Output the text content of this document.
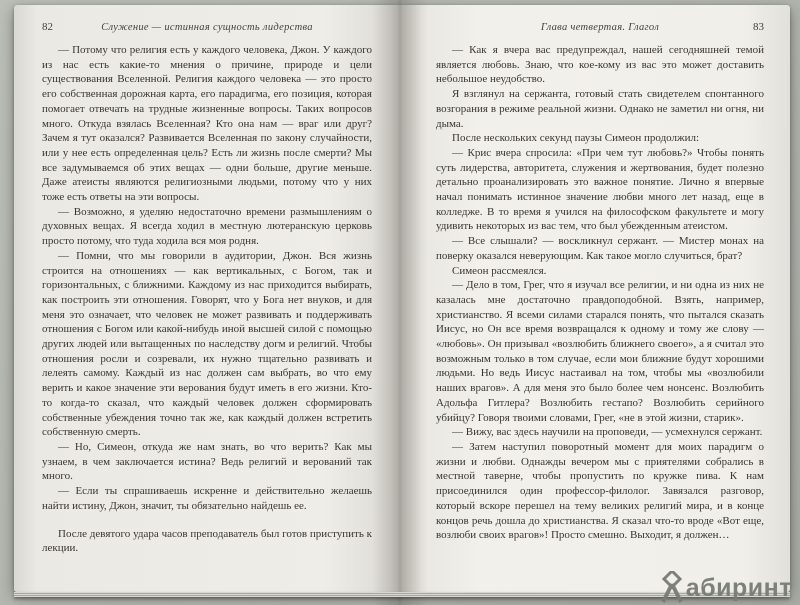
82	Служение — истинная сущность лидерства

— Потому что религия есть у каждого человека, Джон. У каждого из нас есть какие-то мнения о причине, природе и цели существования Вселенной. Религия каждого человека — это просто его собственная дорожная карта, его парадигма, его позиция, которая помогает отвечать на трудные жизненные вопросы. Таких вопросов много. Откуда взялась Вселенная? Кто она нам — враг или друг? Зачем я тут оказался? Развивается Вселенная по закону случайности, или у нее есть определенная цель? Есть ли жизнь после смерти? Мы все задумываемся об этих вещах — одни больше, другие меньше. Даже атеисты являются религиозными людьми, потому что у них тоже есть ответы на эти вопросы.

— Возможно, я уделяю недостаточно времени размышлениям о духовных вещах. Я всегда ходил в местную лютеранскую церковь просто потому, что туда ходила вся моя родня.

— Помни, что мы говорили в аудитории, Джон. Вся жизнь строится на отношениях — как вертикальных, с Богом, так и горизонтальных, с ближними. Каждому из нас приходится выбирать, как построить эти отношения. Говорят, что у Бога нет внуков, и для меня это означает, что человек не может развивать и поддерживать отношения с Богом или какой-нибудь иной высшей силой с помощью других людей или вытащенных по наследству догм и религий. Чтобы отношения росли и созревали, их нужно тщательно развивать и лелеять самому. Каждый из нас должен сам выбрать, во что ему верить и какое значение эти верования будут иметь в его жизни. Кто-то когда-то сказал, что каждый человек должен сформировать собственные убеждения точно так же, как каждый должен встретить собственную смерть.

— Но, Симеон, откуда же нам знать, во что верить? Как мы узнаем, в чем заключается истина? Ведь религий и верований так много.

— Если ты спрашиваешь искренне и действительно желаешь найти истину, Джон, значит, ты обязательно найдешь ее.

После девятого удара часов преподаватель был готов приступить к лекции.

Глава четвертая. Глагол	83

— Как я вчера вас предупреждал, нашей сегодняшней темой является любовь. Знаю, что кое-кому из вас это может доставить небольшое неудобство.

Я взглянул на сержанта, готовый стать свидетелем спонтанного возгорания в режиме реальной жизни. Однако не заметил ни огня, ни дыма.

После нескольких секунд паузы Симеон продолжил:

— Крис вчера спросила: «При чем тут любовь?» Чтобы понять суть лидерства, авторитета, служения и жертвования, будет полезно детально проанализировать это важное понятие. Лично я впервые начал понимать истинное значение любви много лет назад, еще в колледже. В то время я учился на философском факультете и могу удивить некоторых из вас тем, что был убежденным атеистом.

— Все слышали? — воскликнул сержант. — Мистер монах на поверку оказался неверующим. Как такое могло случиться, брат?

Симеон рассмеялся.

— Дело в том, Грег, что я изучал все религии, и ни одна из них не казалась мне достаточно правдоподобной. Взять, например, христианство. Я всеми силами старался понять, что пытался сказать Иисус, но Он все время возвращался к одному и тому же слову — «любовь». Он призывал «возлюбить ближнего своего», а я считал это возможным только в том случае, если мои ближние будут хорошими людьми. Но ведь Иисус настаивал на том, чтобы мы «возлюбили наших врагов». А для меня это было более чем нонсенс. Возлюбить Адольфа Гитлера? Возлюбить гестапо? Возлюбить серийного убийцу? Говоря твоими словами, Грег, «не в этой жизни, старик».

— Вижу, вас здесь научили на проповеди, — усмехнулся сержант.

— Затем наступил поворотный момент для моих парадигм о жизни и любви. Однажды вечером мы с приятелями собрались в местной таверне, чтобы пропустить по кружке пива. К нам присоединился один профессор-филолог. Завязался разговор, который вскоре перешел на тему великих религий мира, и в конце концов речь дошла до христианства. Я сказал что-то вроде «Вот еще, возлюби своих врагов»! Просто смешно. Выходит, я должен…

абиринт
